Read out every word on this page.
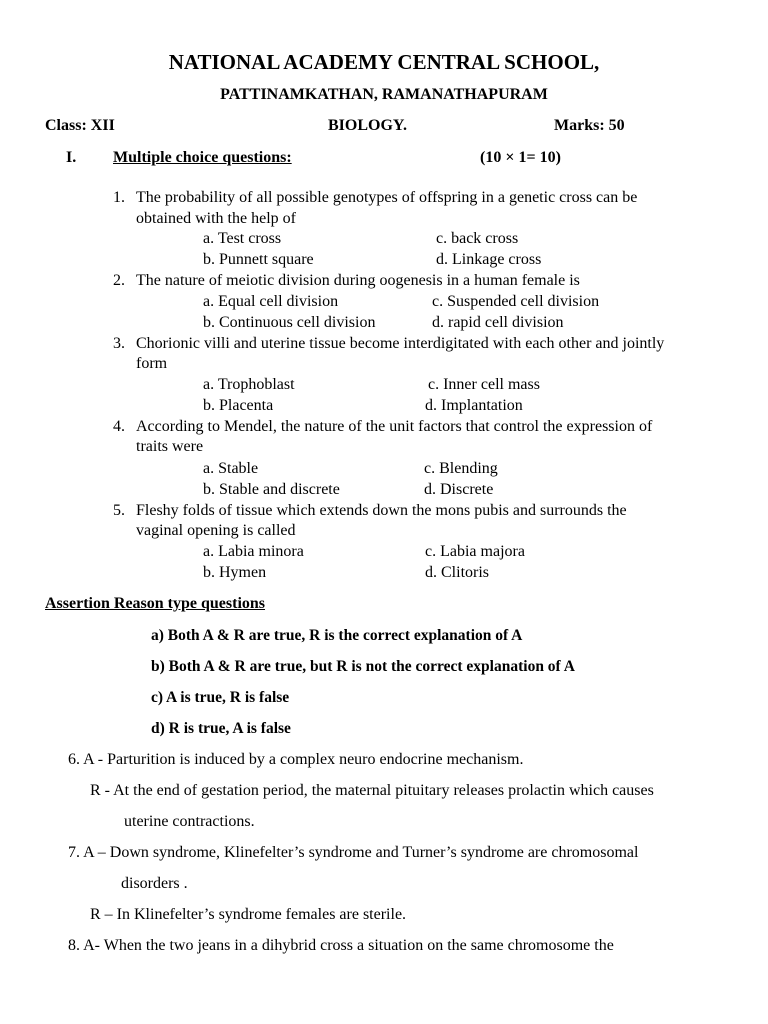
NATIONAL ACADEMY CENTRAL SCHOOL,
PATTINAMKATHAN, RAMANATHAPURAM
Class: XII	BIOLOGY.	Marks: 50
I. Multiple choice questions:	(10 × 1= 10)
1. The probability of all possible genotypes of offspring in a genetic cross can be
obtained with the help of
a. Test cross	c. back cross
b. Punnett square	d. Linkage cross
2. The nature of meiotic division during oogenesis in a human female is
a. Equal cell division	c. Suspended cell division
b. Continuous cell division	d. rapid cell division
3. Chorionic villi and uterine tissue become interdigitated with each other and jointly
form
a. Trophoblast	c. Inner cell mass
b. Placenta	d. Implantation
4. According to Mendel, the nature of the unit factors that control the expression of
traits were
a. Stable	c. Blending
b. Stable and discrete	d. Discrete
5. Fleshy folds of tissue which extends down the mons pubis and surrounds the
vaginal opening is called
a. Labia minora	c. Labia majora
b. Hymen	d. Clitoris
Assertion Reason type questions
a) Both A & R are true, R is the correct explanation of A
b) Both A & R are true, but R is not the correct explanation of A
c) A is true, R is false
d) R is true, A is false
6. A - Parturition is induced by a complex neuro endocrine mechanism.
R - At the end of gestation period, the maternal pituitary releases prolactin which causes
uterine contractions.
7. A – Down syndrome, Klinefelter’s syndrome and Turner’s syndrome are chromosomal
disorders .
R – In Klinefelter’s syndrome females are sterile.
8. A- When the two jeans in a dihybrid cross a situation on the same chromosome the
